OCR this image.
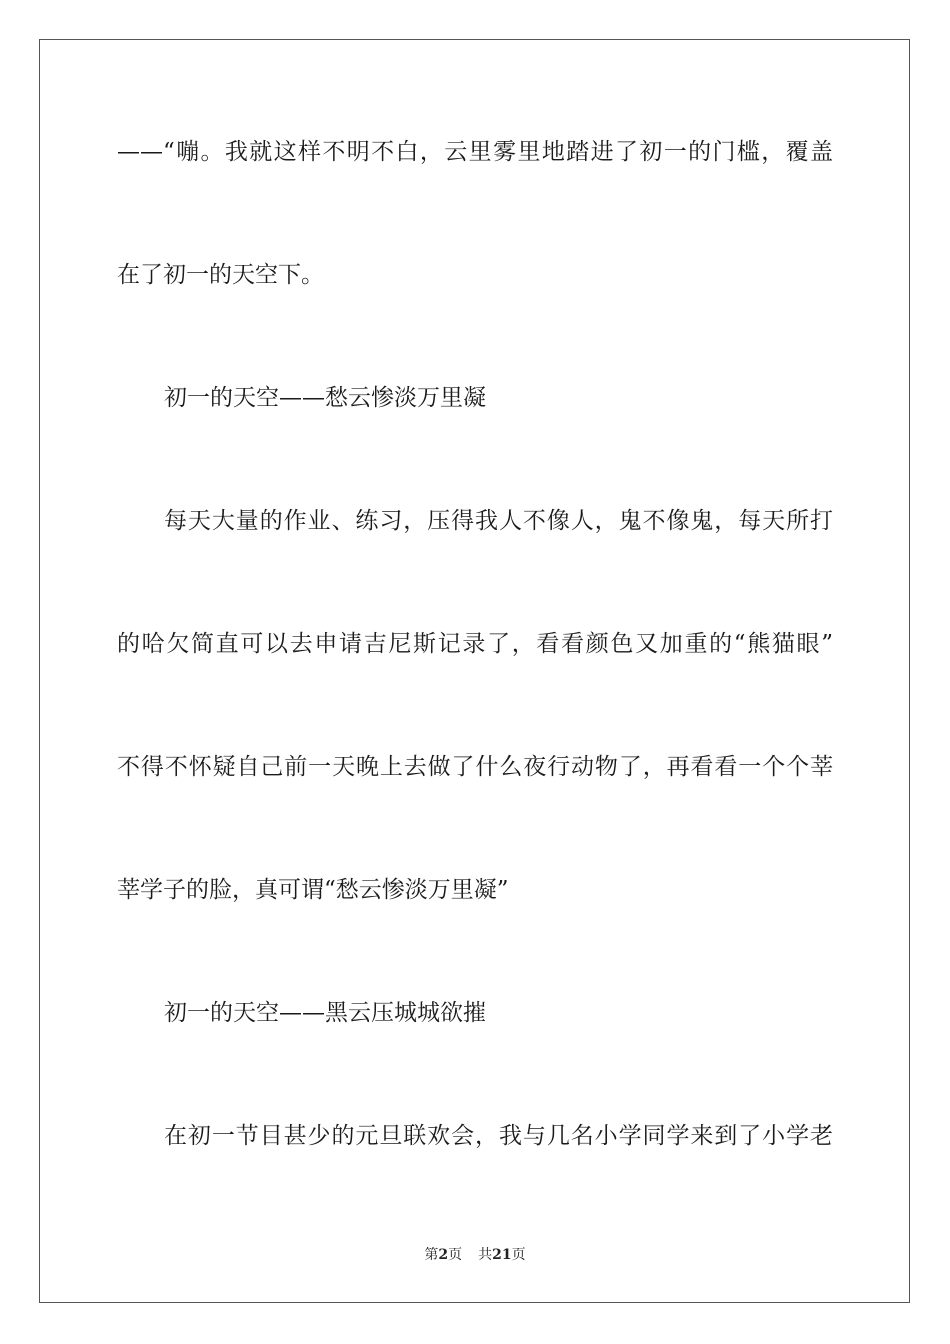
——“嘣。我就这样不明不白，云里雾里地踏进了初一的门槛，覆盖
在了初一的天空下。
初一的天空——愁云惨淡万里凝
每天大量的作业、练习，压得我人不像人，鬼不像鬼，每天所打
的哈欠简直可以去申请吉尼斯记录了，看看颜色又加重的“熊猫眼”
不得不怀疑自己前一天晚上去做了什么夜行动物了，再看看一个个莘
莘学子的脸，真可谓“愁云惨淡万里凝”
初一的天空——黑云压城城欲摧
在初一节目甚少的元旦联欢会，我与几名小学同学来到了小学老
第2页 共21页
